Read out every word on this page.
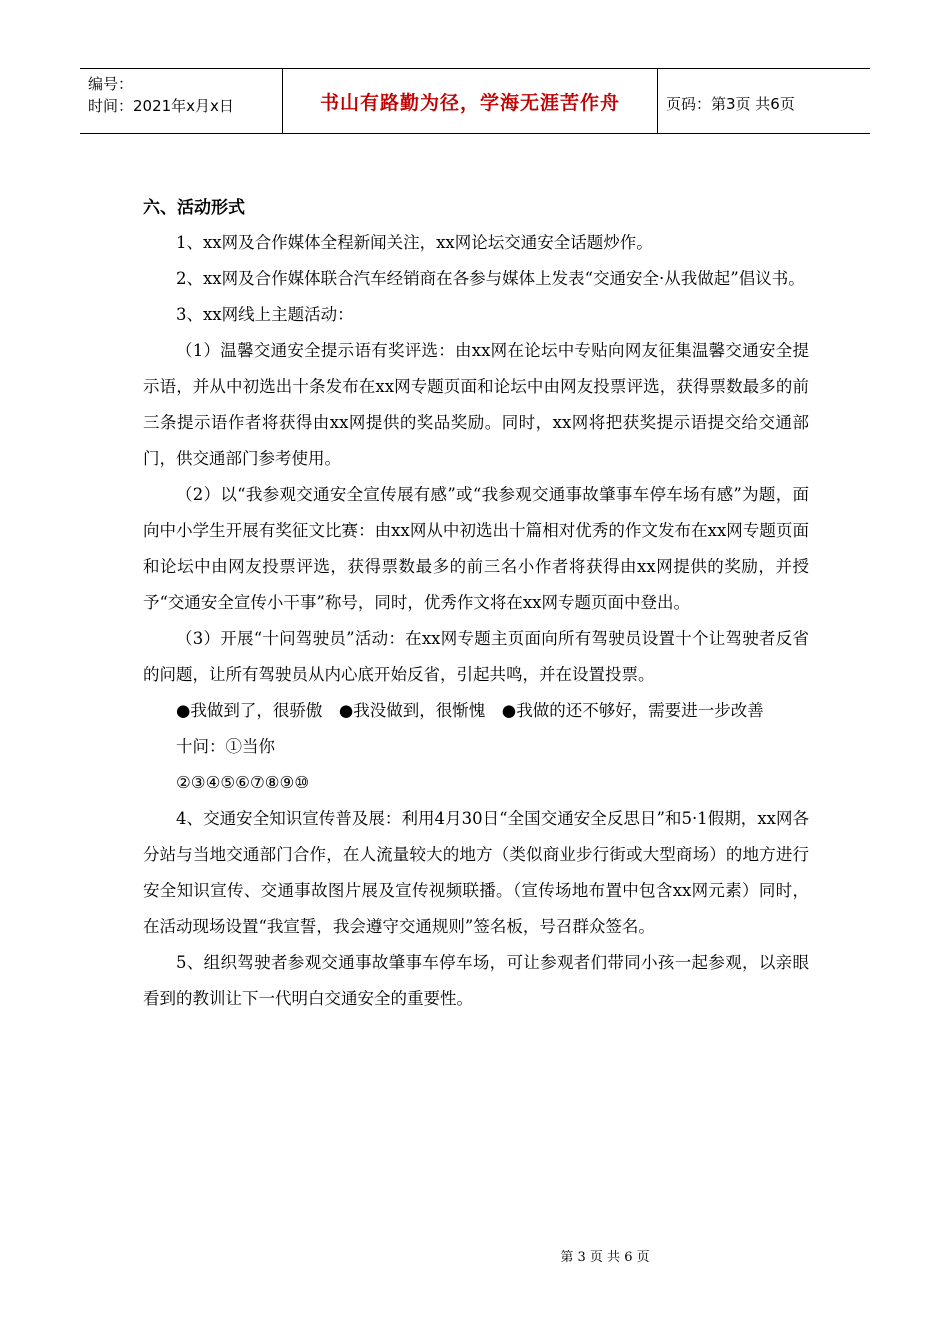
编号：
时间：2021年x月x日	书山有路勤为径，学海无涯苦作舟	页码：第3页 共6页

六、活动形式

1、xx网及合作媒体全程新闻关注，xx网论坛交通安全话题炒作。

2、xx网及合作媒体联合汽车经销商在各参与媒体上发表“交通安全·从我做起”倡议书。

3、xx网线上主题活动：

（1）温馨交通安全提示语有奖评选：由xx网在论坛中专贴向网友征集温馨交通安全提示语，并从中初选出十条发布在xx网专题页面和论坛中由网友投票评选，获得票数最多的前三条提示语作者将获得由xx网提供的奖品奖励。同时，xx网将把获奖提示语提交给交通部门，供交通部门参考使用。

（2）以“我参观交通安全宣传展有感”或“我参观交通事故肇事车停车场有感”为题，面向中小学生开展有奖征文比赛：由xx网从中初选出十篇相对优秀的作文发布在xx网专题页面和论坛中由网友投票评选，获得票数最多的前三名小作者将获得由xx网提供的奖励，并授予“交通安全宣传小干事”称号，同时，优秀作文将在xx网专题页面中登出。

（3）开展“十问驾驶员”活动：在xx网专题主页面向所有驾驶员设置十个让驾驶者反省的问题，让所有驾驶员从内心底开始反省，引起共鸣，并在设置投票。

●我做到了，很骄傲　●我没做到，很惭愧　●我做的还不够好，需要进一步改善

十问：①当你

②③④⑤⑥⑦⑧⑨⑩

4、交通安全知识宣传普及展：利用4月30日“全国交通安全反思日”和5·1假期，xx网各分站与当地交通部门合作，在人流量较大的地方（类似商业步行街或大型商场）的地方进行安全知识宣传、交通事故图片展及宣传视频联播。（宣传场地布置中包含xx网元素）同时，在活动现场设置“我宣誓，我会遵守交通规则”签名板，号召群众签名。

5、组织驾驶者参观交通事故肇事车停车场，可让参观者们带同小孩一起参观，以亲眼看到的教训让下一代明白交通安全的重要性。

第 3 页 共 6 页
